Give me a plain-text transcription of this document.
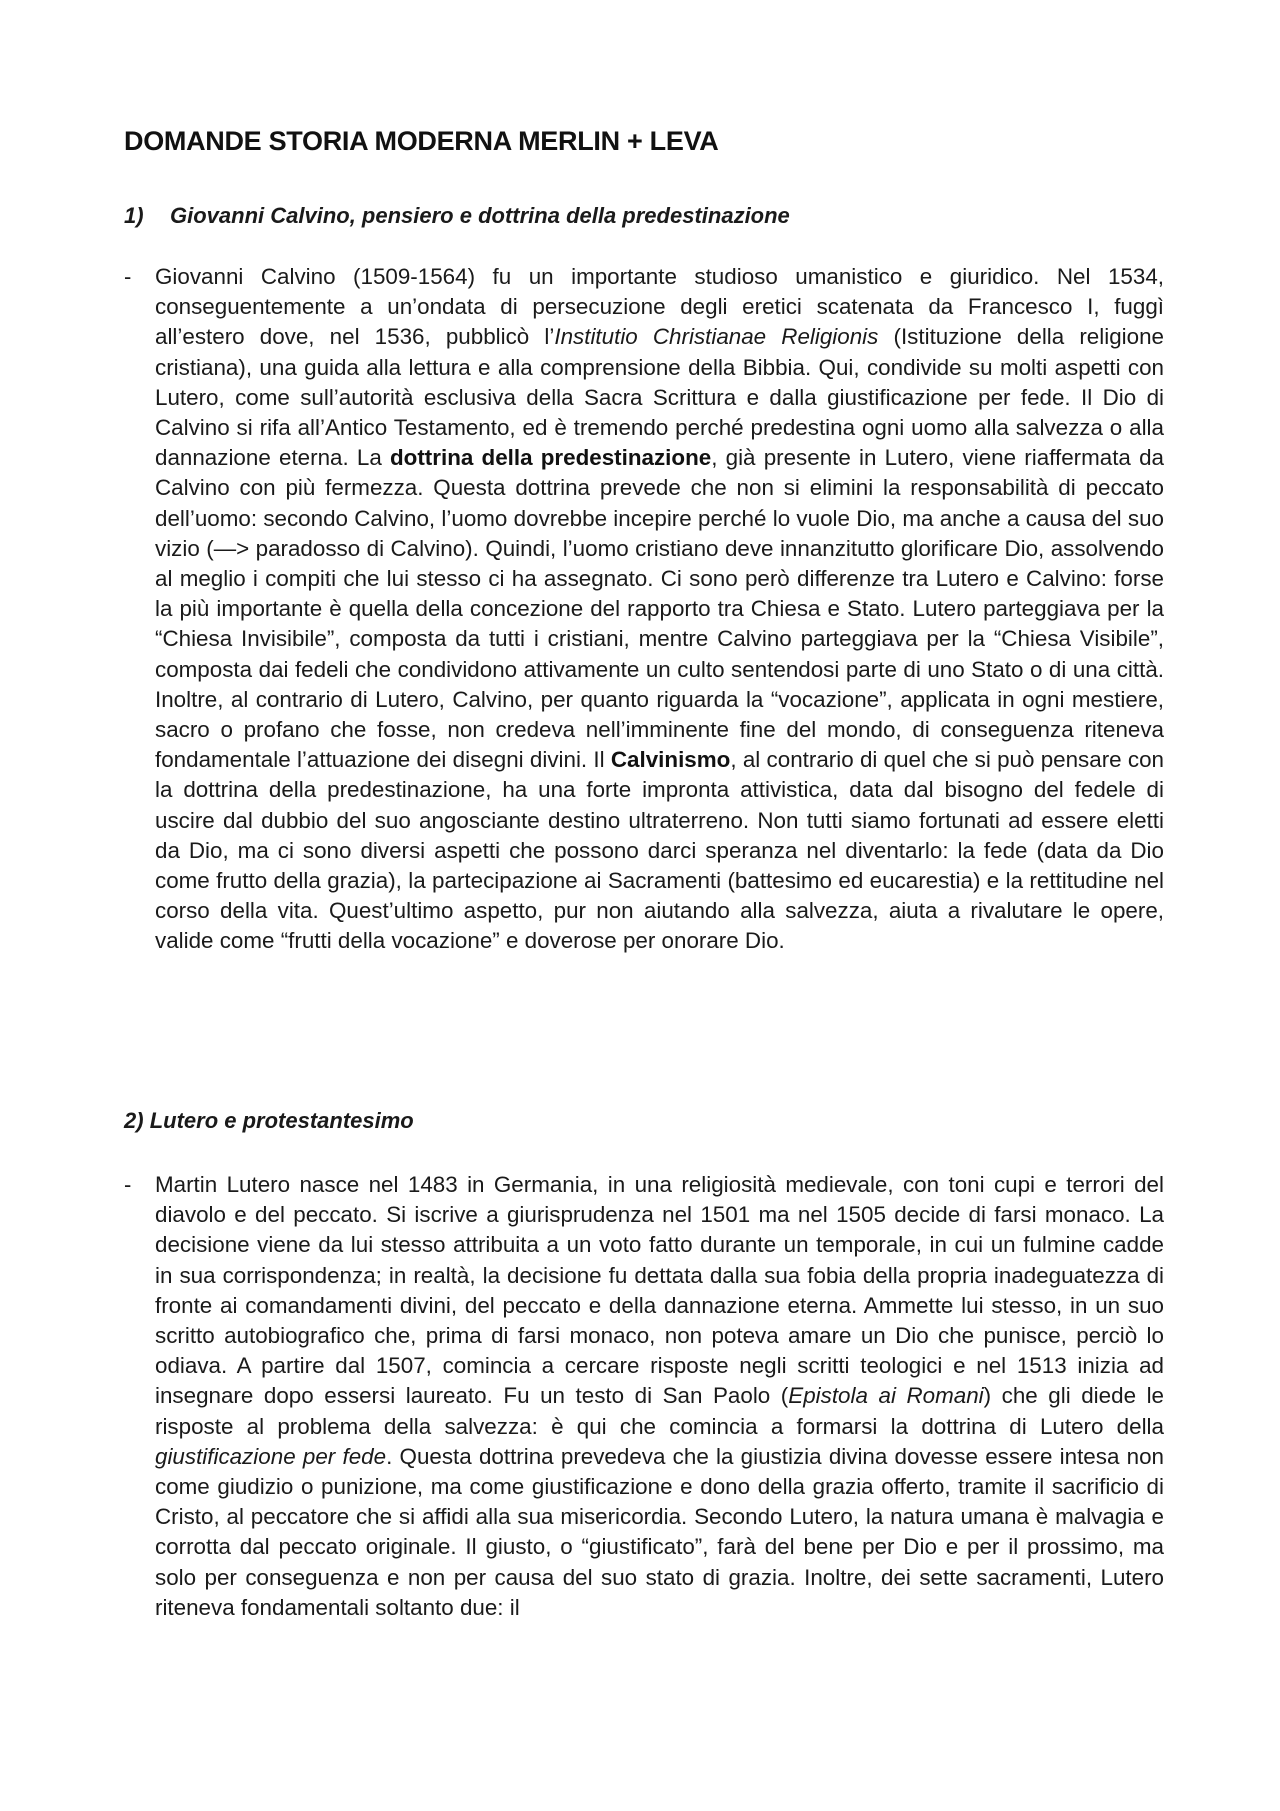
DOMANDE STORIA MODERNA MERLIN + LEVA
1) Giovanni Calvino, pensiero e dottrina della predestinazione
- Giovanni Calvino (1509-1564) fu un importante studioso umanistico e giuridico. Nel 1534, conseguentemente a un’ondata di persecuzione degli eretici scatenata da Francesco I, fuggì all’estero dove, nel 1536, pubblicò l’Institutio Christianae Religionis (Istituzione della religione cristiana), una guida alla lettura e alla comprensione della Bibbia. Qui, condivide su molti aspetti con Lutero, come sull’autorità esclusiva della Sacra Scrittura e dalla giustificazione per fede. Il Dio di Calvino si rifa all’Antico Testamento, ed è tremendo perché predestina ogni uomo alla salvezza o alla dannazione eterna. La dottrina della predestinazione, già presente in Lutero, viene riaffermata da Calvino con più fermezza. Questa dottrina prevede che non si elimini la responsabilità di peccato dell’uomo: secondo Calvino, l’uomo dovrebbe incepire perché lo vuole Dio, ma anche a causa del suo vizio (—> paradosso di Calvino). Quindi, l’uomo cristiano deve innanzitutto glorificare Dio, assolvendo al meglio i compiti che lui stesso ci ha assegnato. Ci sono però differenze tra Lutero e Calvino: forse la più importante è quella della concezione del rapporto tra Chiesa e Stato. Lutero parteggiava per la “Chiesa Invisibile”, composta da tutti i cristiani, mentre Calvino parteggiava per la “Chiesa Visibile”, composta dai fedeli che condividono attivamente un culto sentendosi parte di uno Stato o di una città. Inoltre, al contrario di Lutero, Calvino, per quanto riguarda la “vocazione”, applicata in ogni mestiere, sacro o profano che fosse, non credeva nell’imminente fine del mondo, di conseguenza riteneva fondamentale l’attuazione dei disegni divini. Il Calvinismo, al contrario di quel che si può pensare con la dottrina della predestinazione, ha una forte impronta attivistica, data dal bisogno del fedele di uscire dal dubbio del suo angosciante destino ultraterreno. Non tutti siamo fortunati ad essere eletti da Dio, ma ci sono diversi aspetti che possono darci speranza nel diventarlo: la fede (data da Dio come frutto della grazia), la partecipazione ai Sacramenti (battesimo ed eucarestia) e la rettitudine nel corso della vita. Quest’ultimo aspetto, pur non aiutando alla salvezza, aiuta a rivalutare le opere, valide come “frutti della vocazione” e doverose per onorare Dio.

2) Lutero e protestantesimo
- Martin Lutero nasce nel 1483 in Germania, in una religiosità medievale, con toni cupi e terrori del diavolo e del peccato. Si iscrive a giurisprudenza nel 1501 ma nel 1505 decide di farsi monaco. La decisione viene da lui stesso attribuita a un voto fatto durante un temporale, in cui un fulmine cadde in sua corrispondenza; in realtà, la decisione fu dettata dalla sua fobia della propria inadeguatezza di fronte ai comandamenti divini, del peccato e della dannazione eterna. Ammette lui stesso, in un suo scritto autobiografico che, prima di farsi monaco, non poteva amare un Dio che punisce, perciò lo odiava. A partire dal 1507, comincia a cercare risposte negli scritti teologici e nel 1513 inizia ad insegnare dopo essersi laureato. Fu un testo di San Paolo (Epistola ai Romani) che gli diede le risposte al problema della salvezza: è qui che comincia a formarsi la dottrina di Lutero della giustificazione per fede. Questa dottrina prevedeva che la giustizia divina dovesse essere intesa non come giudizio o punizione, ma come giustificazione e dono della grazia offerto, tramite il sacrificio di Cristo, al peccatore che si affidi alla sua misericordia. Secondo Lutero, la natura umana è malvagia e corrotta dal peccato originale. Il giusto, o “giustificato”, farà del bene per Dio e per il prossimo, ma solo per conseguenza e non per causa del suo stato di grazia. Inoltre, dei sette sacramenti, Lutero riteneva fondamentali soltanto due: il
